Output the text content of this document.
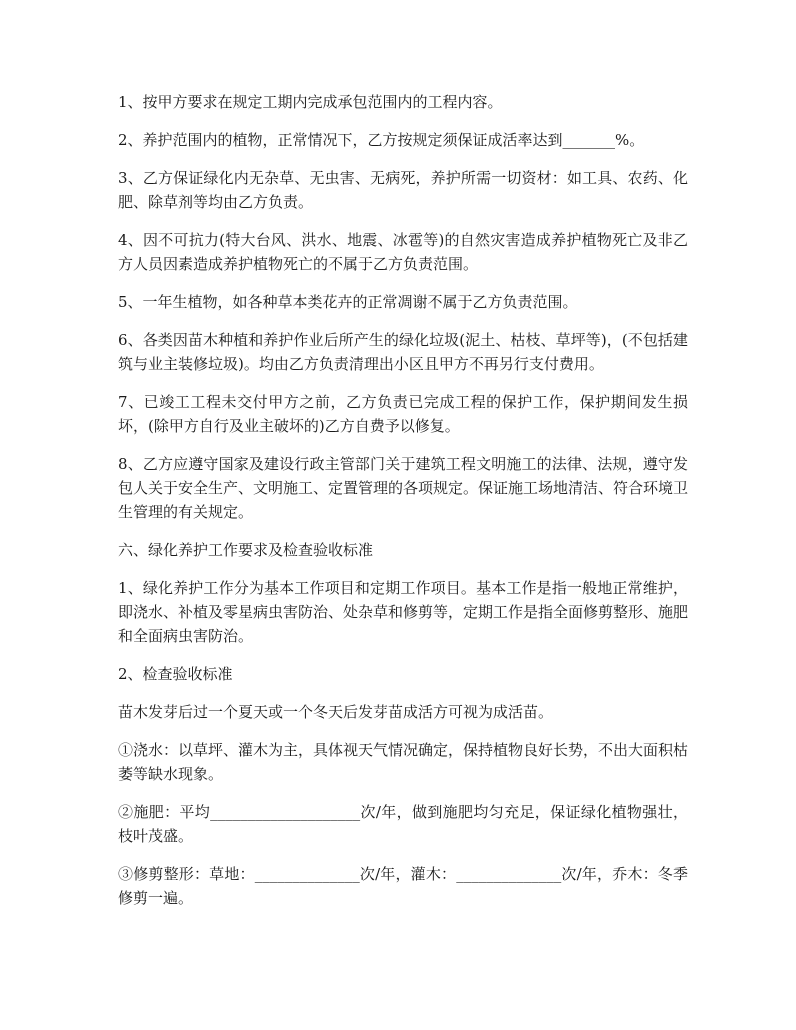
1、按甲方要求在规定工期内完成承包范围内的工程内容。

2、养护范围内的植物，正常情况下，乙方按规定须保证成活率达到_______%。

3、乙方保证绿化内无杂草、无虫害、无病死，养护所需一切资材：如工具、农药、化肥、除草剂等均由乙方负责。

4、因不可抗力(特大台风、洪水、地震、冰雹等)的自然灾害造成养护植物死亡及非乙方人员因素造成养护植物死亡的不属于乙方负责范围。

5、一年生植物，如各种草本类花卉的正常凋谢不属于乙方负责范围。

6、各类因苗木种植和养护作业后所产生的绿化垃圾(泥土、枯枝、草坪等)，(不包括建筑与业主装修垃圾)。均由乙方负责清理出小区且甲方不再另行支付费用。

7、已竣工工程未交付甲方之前，乙方负责已完成工程的保护工作，保护期间发生损坏，(除甲方自行及业主破坏的)乙方自费予以修复。

8、乙方应遵守国家及建设行政主管部门关于建筑工程文明施工的法律、法规，遵守发包人关于安全生产、文明施工、定置管理的各项规定。保证施工场地清洁、符合环境卫生管理的有关规定。

六、绿化养护工作要求及检查验收标准

1、绿化养护工作分为基本工作项目和定期工作项目。基本工作是指一般地正常维护，即浇水、补植及零星病虫害防治、处杂草和修剪等，定期工作是指全面修剪整形、施肥和全面病虫害防治。

2、检查验收标准

苗木发芽后过一个夏天或一个冬天后发芽苗成活方可视为成活苗。

①浇水：以草坪、灌木为主，具体视天气情况确定，保持植物良好长势，不出大面积枯萎等缺水现象。

②施肥：平均____________________次/年，做到施肥均匀充足，保证绿化植物强壮，枝叶茂盛。

③修剪整形：草地：______________次/年，灌木：______________次/年，乔木：冬季修剪一遍。
